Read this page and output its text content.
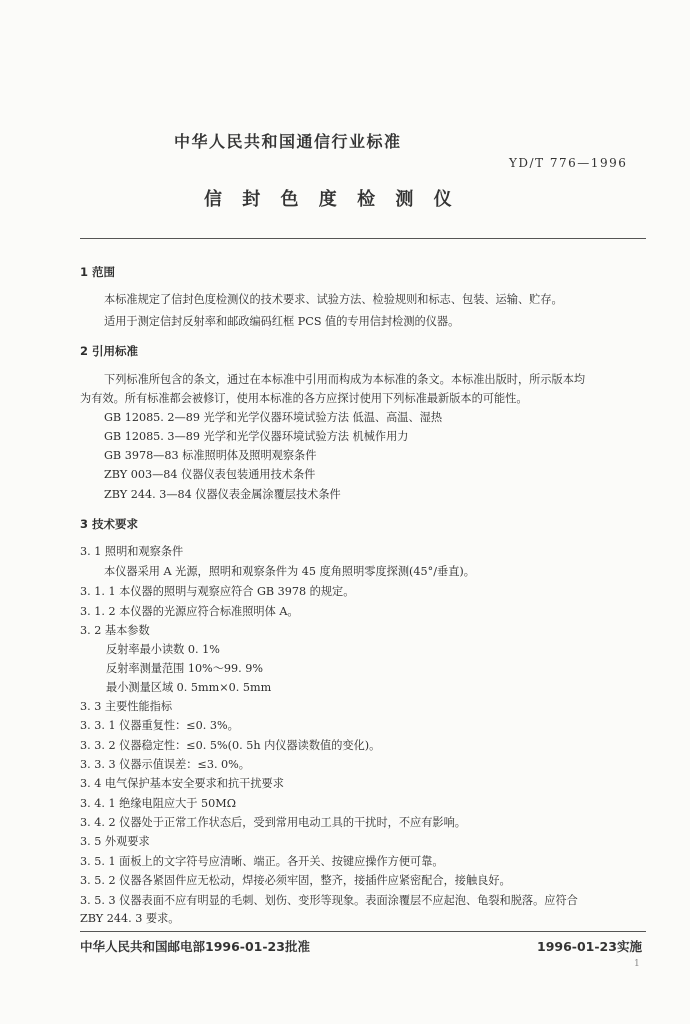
中华人民共和国通信行业标准
YD/T 776—1996
信 封 色 度 检 测 仪
1 范围
本标准规定了信封色度检测仪的技术要求、试验方法、检验规则和标志、包装、运输、贮存。
适用于测定信封反射率和邮政编码红框 PCS 值的专用信封检测的仪器。
2 引用标准
下列标准所包含的条文，通过在本标准中引用而构成为本标准的条文。本标准出版时，所示版本均
为有效。所有标准都会被修订，使用本标准的各方应探讨使用下列标准最新版本的可能性。
GB 12085. 2—89 光学和光学仪器环境试验方法 低温、高温、湿热
GB 12085. 3—89 光学和光学仪器环境试验方法 机械作用力
GB 3978—83 标准照明体及照明观察条件
ZBY 003—84 仪器仪表包装通用技术条件
ZBY 244. 3—84 仪器仪表金属涂覆层技术条件
3 技术要求
3. 1 照明和观察条件
本仪器采用 A 光源，照明和观察条件为 45 度角照明零度探测(45°/垂直)。
3. 1. 1 本仪器的照明与观察应符合 GB 3978 的规定。
3. 1. 2 本仪器的光源应符合标准照明体 A。
3. 2 基本参数
反射率最小读数 0. 1%
反射率测量范围 10%～99. 9%
最小测量区域 0. 5mm×0. 5mm
3. 3 主要性能指标
3. 3. 1 仪器重复性：≤0. 3%。
3. 3. 2 仪器稳定性：≤0. 5%(0. 5h 内仪器读数值的变化)。
3. 3. 3 仪器示值误差：≤3. 0%。
3. 4 电气保护基本安全要求和抗干扰要求
3. 4. 1 绝缘电阻应大于 50MΩ
3. 4. 2 仪器处于正常工作状态后，受到常用电动工具的干扰时，不应有影响。
3. 5 外观要求
3. 5. 1 面板上的文字符号应清晰、端正。各开关、按键应操作方便可靠。
3. 5. 2 仪器各紧固件应无松动，焊接必须牢固，整齐，接插件应紧密配合，接触良好。
3. 5. 3 仪器表面不应有明显的毛刺、划伤、变形等现象。表面涂覆层不应起泡、龟裂和脱落。应符合
ZBY 244. 3 要求。
中华人民共和国邮电部1996-01-23批准	1996-01-23实施
1
